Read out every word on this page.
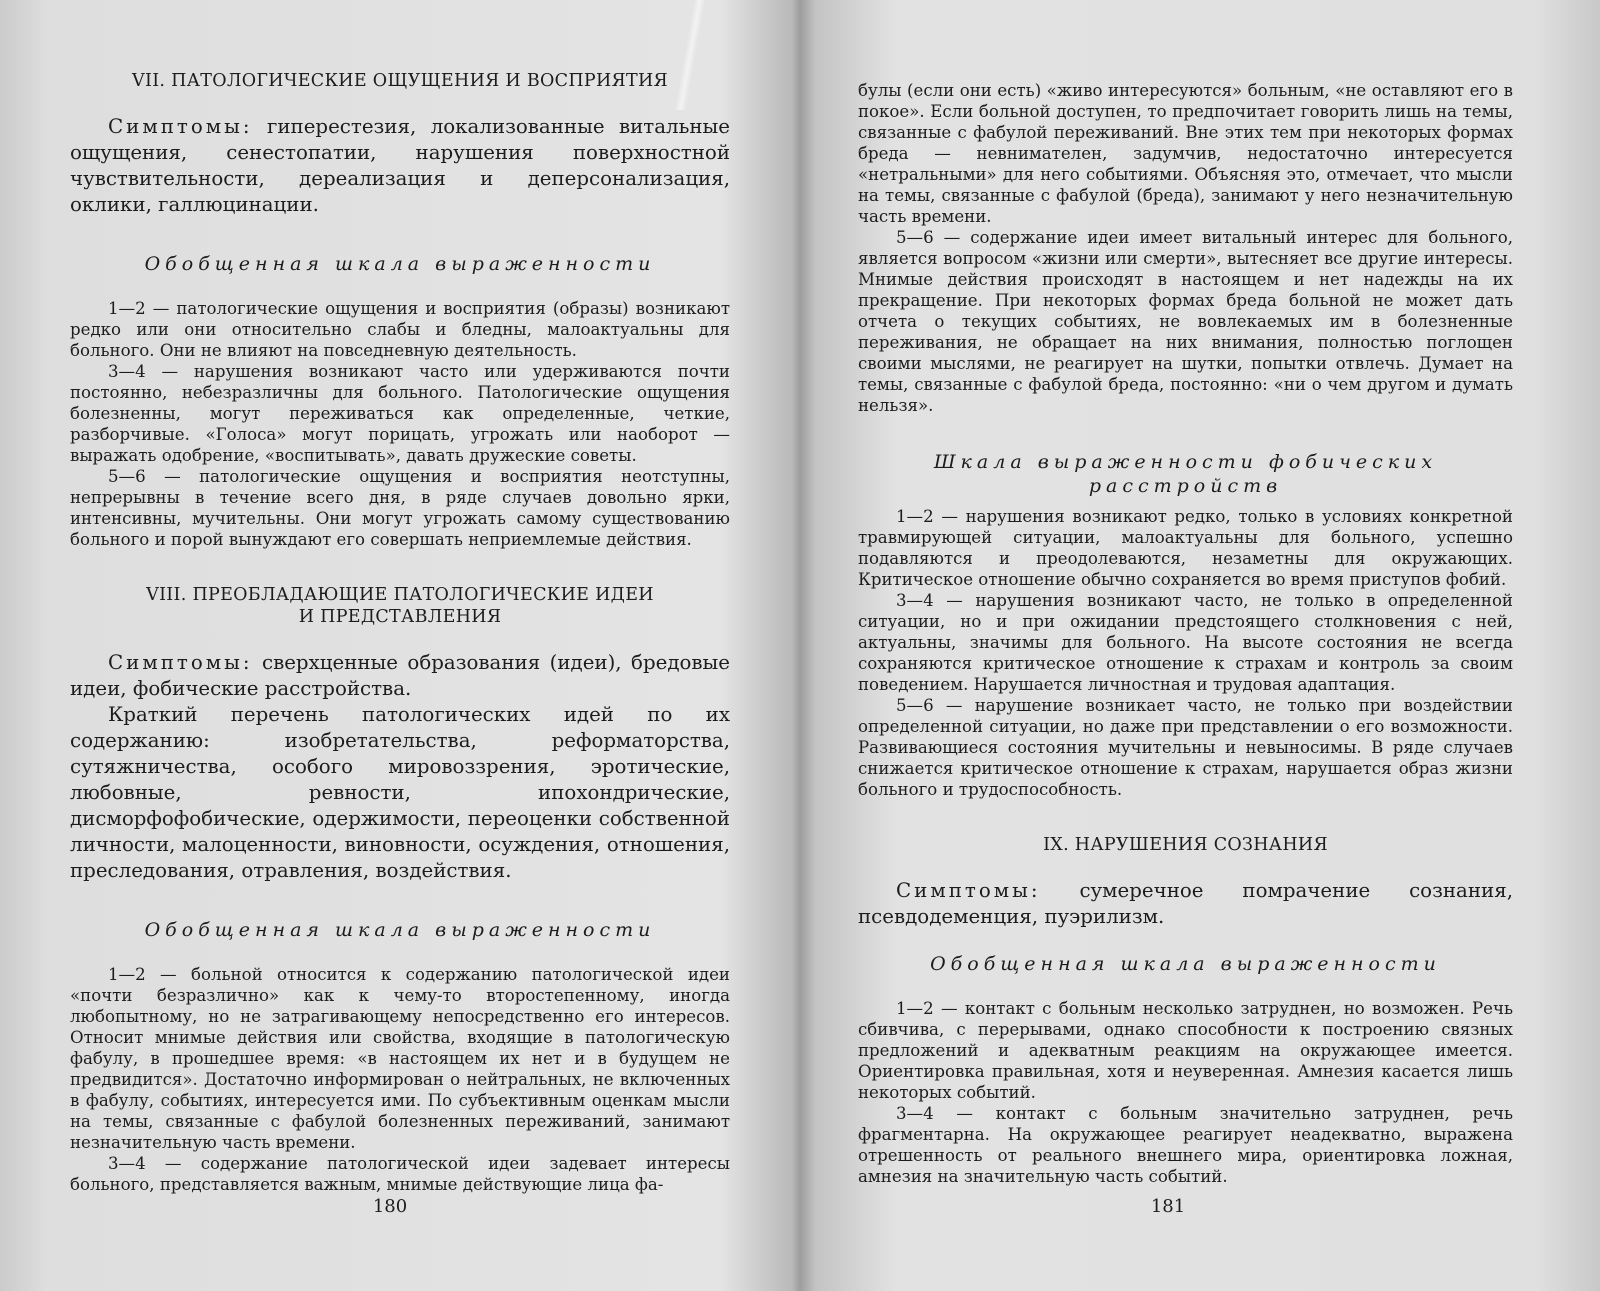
VII. ПАТОЛОГИЧЕСКИЕ ОЩУЩЕНИЯ И ВОСПРИЯТИЯ

Симптомы: гиперестезия, локализованные витальные ощущения, сенестопатии, нарушения поверхностной чувствительности, дереализация и деперсонализация, оклики, галлюцинации.

Обобщенная шкала выраженности

1—2 — патологические ощущения и восприятия (образы) возникают редко или они относительно слабы и бледны, малоактуальны для больного. Они не влияют на повседневную деятельность.

3—4 — нарушения возникают часто или удерживаются почти постоянно, небезразличны для больного. Патологические ощущения болезненны, могут переживаться как определенные, четкие, разборчивые. «Голоса» могут порицать, угрожать или наоборот — выражать одобрение, «воспитывать», давать дружеские советы.

5—6 — патологические ощущения и восприятия неотступны, непрерывны в течение всего дня, в ряде случаев довольно ярки, интенсивны, мучительны. Они могут угрожать самому существованию больного и порой вынуждают его совершать неприемлемые действия.

VIII. ПРЕОБЛАДАЮЩИЕ ПАТОЛОГИЧЕСКИЕ ИДЕИ
И ПРЕДСТАВЛЕНИЯ

Симптомы: сверхценные образования (идеи), бредовые идеи, фобические расстройства.

Краткий перечень патологических идей по их содержанию: изобретательства, реформаторства, сутяжничества, особого мировоззрения, эротические, любовные, ревности, ипохондрические, дисморфофобические, одержимости, переоценки собственной личности, малоценности, виновности, осуждения, отношения, преследования, отравления, воздействия.

Обобщенная шкала выраженности

1—2 — больной относится к содержанию патологической идеи «почти безразлично» как к чему-то второстепенному, иногда любопытному, но не затрагивающему непосредственно его интересов. Относит мнимые действия или свойства, входящие в патологическую фабулу, в прошедшее время: «в настоящем их нет и в будущем не предвидится». Достаточно информирован о нейтральных, не включенных в фабулу, событиях, интересуется ими. По субъективным оценкам мысли на темы, связанные с фабулой болезненных переживаний, занимают незначительную часть времени.

3—4 — содержание патологической идеи задевает интересы больного, представляется важным, мнимые действующие лица фа-

180

булы (если они есть) «живо интересуются» больным, «не оставляют его в покое». Если больной доступен, то предпочитает говорить лишь на темы, связанные с фабулой переживаний. Вне этих тем при некоторых формах бреда — невнимателен, задумчив, недостаточно интересуется «нетральными» для него событиями. Объясняя это, отмечает, что мысли на темы, связанные с фабулой (бреда), занимают у него незначительную часть времени.

5—6 — содержание идеи имеет витальный интерес для больного, является вопросом «жизни или смерти», вытесняет все другие интересы. Мнимые действия происходят в настоящем и нет надежды на их прекращение. При некоторых формах бреда больной не может дать отчета о текущих событиях, не вовлекаемых им в болезненные переживания, не обращает на них внимания, полностью поглощен своими мыслями, не реагирует на шутки, попытки отвлечь. Думает на темы, связанные с фабулой бреда, постоянно: «ни о чем другом и думать нельзя».

Шкала выраженности фобических
расстройств

1—2 — нарушения возникают редко, только в условиях конкретной травмирующей ситуации, малоактуальны для больного, успешно подавляются и преодолеваются, незаметны для окружающих. Критическое отношение обычно сохраняется во время приступов фобий.

3—4 — нарушения возникают часто, не только в определенной ситуации, но и при ожидании предстоящего столкновения с ней, актуальны, значимы для больного. На высоте состояния не всегда сохраняются критическое отношение к страхам и контроль за своим поведением. Нарушается личностная и трудовая адаптация.

5—6 — нарушение возникает часто, не только при воздействии определенной ситуации, но даже при представлении о его возможности. Развивающиеся состояния мучительны и невыносимы. В ряде случаев снижается критическое отношение к страхам, нарушается образ жизни больного и трудоспособность.

IX. НАРУШЕНИЯ СОЗНАНИЯ

Симптомы: сумеречное помрачение сознания, псевдодеменция, пуэрилизм.

Обобщенная шкала выраженности

1—2 — контакт с больным несколько затруднен, но возможен. Речь сбивчива, с перерывами, однако способности к построению связных предложений и адекватным реакциям на окружающее имеется. Ориентировка правильная, хотя и неуверенная. Амнезия касается лишь некоторых событий.

3—4 — контакт с больным значительно затруднен, речь фрагментарна. На окружающее реагирует неадекватно, выражена отрешенность от реального внешнего мира, ориентировка ложная, амнезия на значительную часть событий.

181
